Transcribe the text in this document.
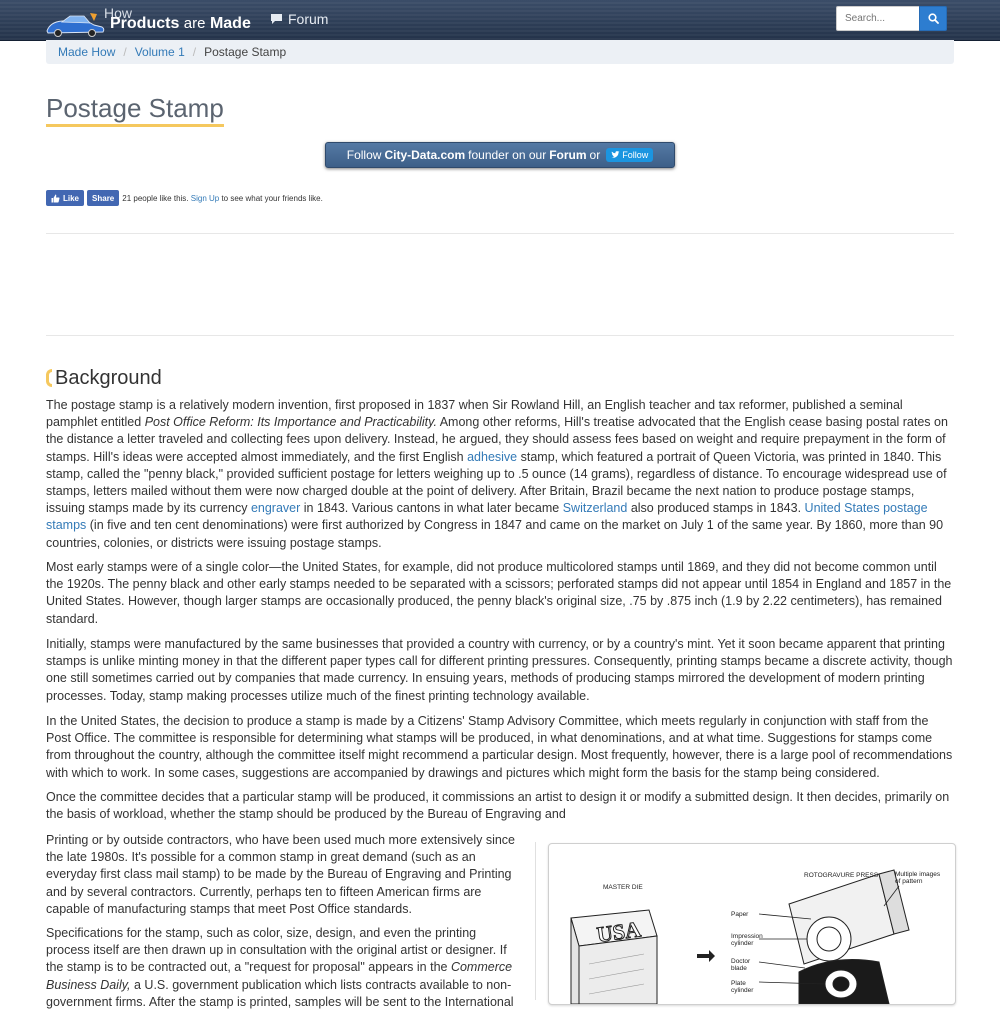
How
Products are Made	Forum
Search...
Made How / Volume 1 / Postage Stamp
Postage Stamp
Follow City-Data.com founder on our Forum or Follow
Like	Share	21 people like this.
Sign Up
to see what your friends like.
Background

The postage stamp is a relatively modern invention, first proposed in 1837 when Sir Rowland Hill, an English teacher and tax reformer, published a seminal pamphlet entitled Post Office Reform: Its Importance and Practicability. Among other reforms, Hill's treatise advocated that the English cease basing postal rates on the distance a letter traveled and collecting fees upon delivery. Instead, he argued, they should assess fees based on weight and require prepayment in the form of stamps. Hill's ideas were accepted almost immediately, and the first English adhesive stamp, which featured a portrait of Queen Victoria, was printed in 1840. This stamp, called the "penny black," provided sufficient postage for letters weighing up to .5 ounce (14 grams), regardless of distance. To encourage widespread use of stamps, letters mailed without them were now charged double at the point of delivery. After Britain, Brazil became the next nation to produce postage stamps, issuing stamps made by its currency engraver in 1843. Various cantons in what later became Switzerland also produced stamps in 1843. United States postage stamps (in five and ten cent denominations) were first authorized by Congress in 1847 and came on the market on July 1 of the same year. By 1860, more than 90 countries, colonies, or districts were issuing postage stamps.

Most early stamps were of a single color—the United States, for example, did not produce multicolored stamps until 1869, and they did not become common until the 1920s. The penny black and other early stamps needed to be separated with a scissors; perforated stamps did not appear until 1854 in England and 1857 in the United States. However, though larger stamps are occasionally produced, the penny black's original size, .75 by .875 inch (1.9 by 2.22 centimeters), has remained standard.

Initially, stamps were manufactured by the same businesses that provided a country with currency, or by a country's mint. Yet it soon became apparent that printing stamps is unlike minting money in that the different paper types call for different printing pressures. Consequently, printing stamps became a discrete activity, though one still sometimes carried out by companies that made currency. In ensuing years, methods of producing stamps mirrored the development of modern printing processes. Today, stamp making processes utilize much of the finest printing technology available.

In the United States, the decision to produce a stamp is made by a Citizens' Stamp Advisory Committee, which meets regularly in conjunction with staff from the Post Office. The committee is responsible for determining what stamps will be produced, in what denominations, and at what time. Suggestions for stamps come from throughout the country, although the committee itself might recommend a particular design. Most frequently, however, there is a large pool of recommendations with which to work. In some cases, suggestions are accompanied by drawings and pictures which might form the basis for the stamp being considered.

Once the committee decides that a particular stamp will be produced, it commissions an artist to design it or modify a submitted design. It then decides, primarily on the basis of workload, whether the stamp should be produced by the Bureau of Engraving and

Printing or by outside contractors, who have been used much more extensively since the late 1980s. It's possible for a common stamp in great demand (such as an everyday first class mail stamp) to be made by the Bureau of Engraving and Printing and by several contractors. Currently, perhaps ten to fifteen American firms are capable of manufacturing stamps that meet Post Office standards.

Specifications for the stamp, such as color, size, design, and even the printing process itself are then drawn up in consultation with the original artist or designer. If the stamp is to be contracted out, a "request for proposal" appears in the Commerce Business Daily, a U.S. government publication which lists contracts available to non-government firms. After the stamp is printed, samples will be sent to the International

USA
MASTER DIE
ROTOGRAVURE PRESS	Multiple images
of pattern
Paper
Impression
cylinder
Doctor
blade
Plate
cylinder
